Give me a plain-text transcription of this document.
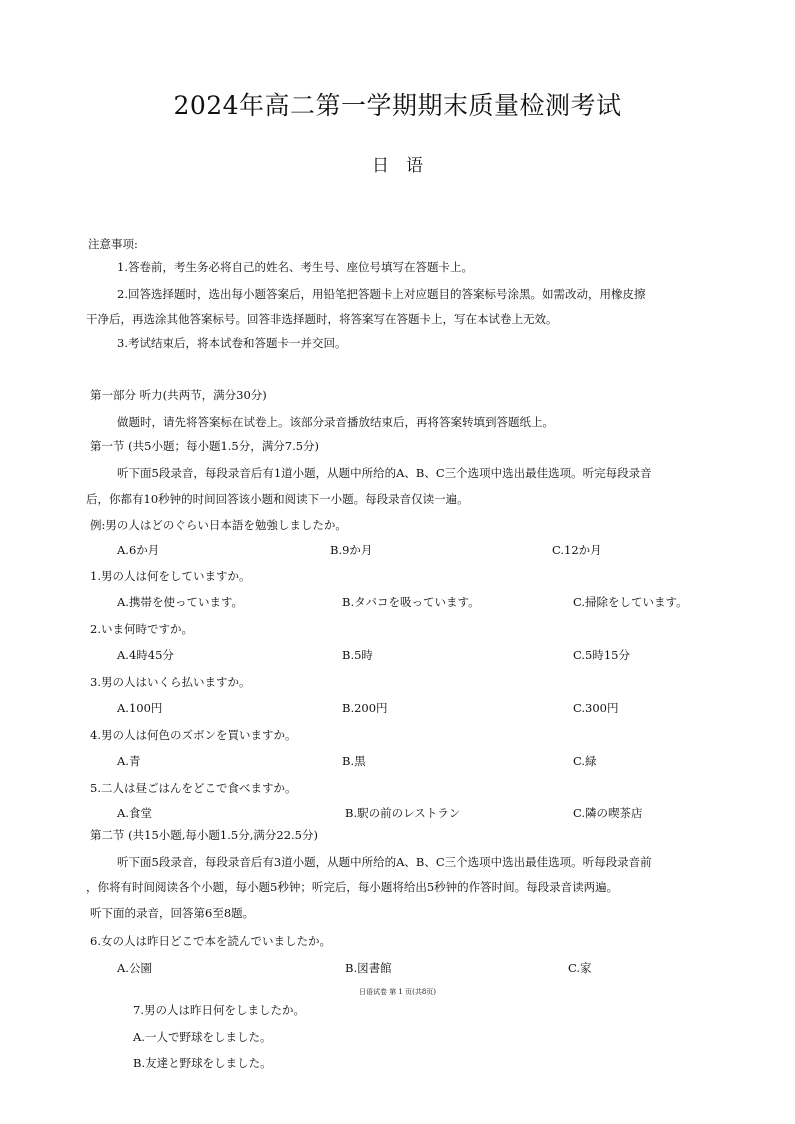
2024年高二第一学期期末质量检测考试
日　语
注意事项:
1.答卷前，考生务必将自己的姓名、考生号、座位号填写在答题卡上。
2.回答选择题时，选出每小题答案后，用铅笔把答题卡上对应题目的答案标号涂黑。如需改动，用橡皮擦
干净后，再选涂其他答案标号。回答非选择题时，将答案写在答题卡上，写在本试卷上无效。
3.考试结束后，将本试卷和答题卡一并交回。
第一部分 听力(共两节，满分30分)
做题时，请先将答案标在试卷上。该部分录音播放结束后，再将答案转填到答题纸上。
第一节 (共5小题；每小题1.5分，满分7.5分)
听下面5段录音，每段录音后有1道小题，从题中所给的A、B、C三个选项中选出最佳选项。听完每段录音
后，你都有10秒钟的时间回答该小题和阅读下一小题。每段录音仅读一遍。
例:男の人はどのぐらい日本語を勉強しましたか。
A.6か月	B.9か月	C.12か月
1.男の人は何をしていますか。
A.携帯を使っています。	B.タバコを吸っています。	C.掃除をしています。
2.いま何時ですか。
A.4時45分	B.5時	C.5時15分
3.男の人はいくら払いますか。
A.100円	B.200円	C.300円
4.男の人は何色のズボンを買いますか。
A.青	B.黒	C.緑
5.二人は昼ごはんをどこで食べますか。
A.食堂	B.駅の前のレストラン	C.隣の喫茶店
第二节 (共15小题,每小题1.5分,满分22.5分)
听下面5段录音，每段录音后有3道小题，从题中所给的A、B、C三个选项中选出最佳选项。听每段录音前
，你将有时间阅读各个小题，每小题5秒钟；听完后，每小题将给出5秒钟的作答时间。每段录音读两遍。
听下面的录音，回答第6至8题。
6.女の人は昨日どこで本を読んでいましたか。
A.公園	B.図書館	C.家
日语试卷 第 1 页(共8页)
7.男の人は昨日何をしましたか。
A.一人で野球をしました。
B.友達と野球をしました。
